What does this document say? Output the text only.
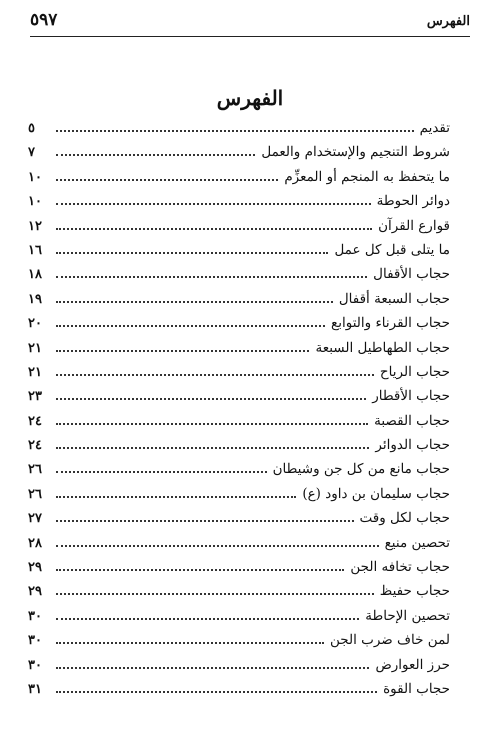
الفهرس
٥٩٧
الفهرس
تقديم
٥
شروط التنجيم والإستخدام والعمل
٧
ما يتحفظ به المنجم أو المعزِّم
١٠
دوائر الحوطة
١٠
قوارع القرآن
١٢
ما يتلى قبل كل عمل
١٦
حجاب الأقفال
١٨
حجاب السبعة أقفال
١٩
حجاب القرناء والتوابع
٢٠
حجاب الطهاطيل السبعة
٢١
حجاب الرياح
٢١
حجاب الأقطار
٢٣
حجاب القصبة
٢٤
حجاب الدوائر
٢٤
حجاب مانع من كل جن وشيطان
٢٦
حجاب سليمان بن داود (ع)
٢٦
حجاب لكل وقت
٢٧
تحصين منيع
٢٨
حجاب تخافه الجن
٢٩
حجاب حفيظ
٢٩
تحصين الإحاطة
٣٠
لمن خاف ضرب الجن
٣٠
حرز العوارض
٣٠
حجاب القوة
٣١
